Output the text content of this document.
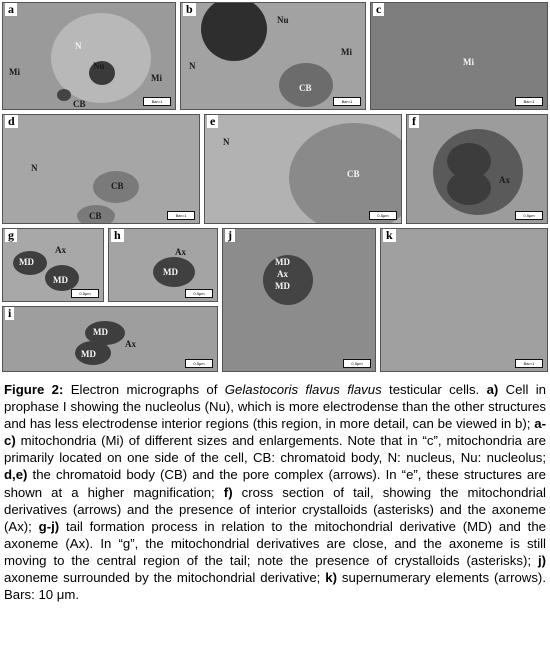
a
N
Mi
Nu
Mi
CB	Bar=1
b
Nu
N
Mi
CB
Bar=1
c
Mi
Bar=1
d
N
CB
CB	Bar=1
e
N
CB
0.5μm
f
Ax
0.5μm
g
Ax
MD
MD
0.5μm
h
Ax
MD
0.5μm
i
MD
Ax
MD
0.5μm
j
MD
Ax
MD
0.5μm
k
Bar=1
Figure 2: Electron micrographs of Gelastocoris flavus flavus testicular cells. a) Cell in prophase I showing the nucleolus (Nu), which is more electrodense than the other structures and has less electrodense interior regions (this region, in more detail, can be viewed in b); a-c) mitochondria (Mi) of different sizes and enlargements. Note that in “c”, mitochondria are primarily located on one side of the cell, CB: chromatoid body, N: nucleus, Nu: nucleolus; d,e) the chromatoid body (CB) and the pore complex (arrows). In “e”, these structures are shown at a higher magnification; f) cross section of tail, showing the mitochondrial derivatives (arrows) and the presence of interior crystalloids (asterisks) and the axoneme (Ax); g-j) tail formation process in relation to the mitochondrial derivative (MD) and the axoneme (Ax). In “g”, the mitochondrial derivatives are close, and the axoneme is still moving to the central region of the tail; note the presence of crystalloids (asterisks); j) axoneme surrounded by the mitochondrial derivative; k) supernumerary elements (arrows). Bars: 10 μm.
